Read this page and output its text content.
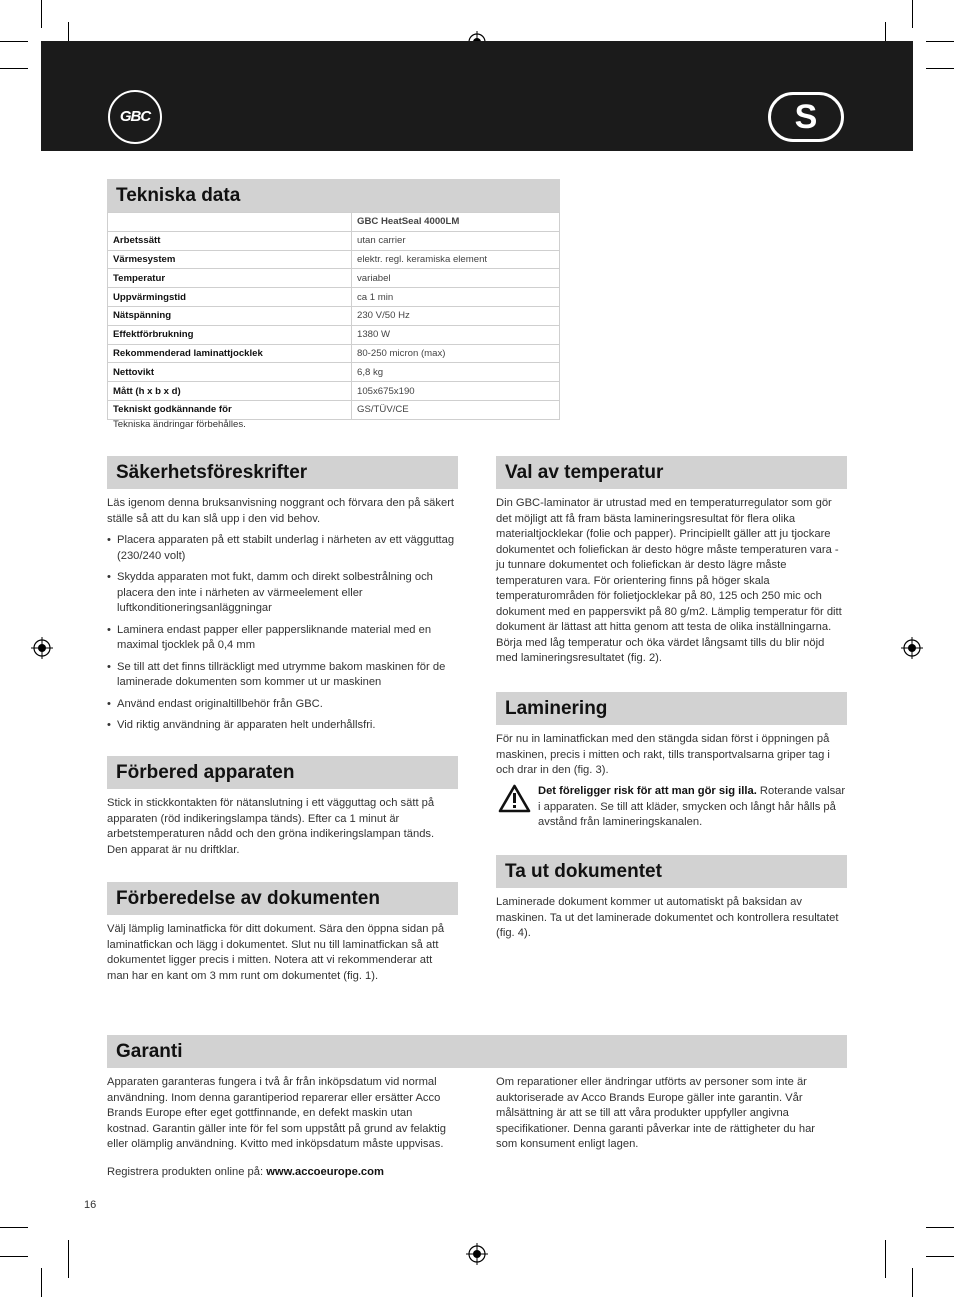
GBC	S
Tekniska data
	GBC HeatSeal 4000LM
Arbetssätt	utan carrier
Värmesystem	elektr. regl. keramiska element
Temperatur	variabel
Uppvärmingstid	ca 1 min
Nätspänning	230 V/50 Hz
Effektförbrukning	1380 W
Rekommenderad laminattjocklek	80-250 micron (max)
Nettovikt	6,8 kg
Mått (h x b x d)	105x675x190
Tekniskt godkännande för	GS/TÜV/CE
Tekniska ändringar förbehålles.
Säkerhetsföreskrifter

Läs igenom denna bruksanvisning noggrant och förvara den på säkert ställe så att du kan slå upp i den vid behov.

• Placera apparaten på ett stabilt underlag i närheten av ett vägguttag (230/240 volt)
• Skydda apparaten mot fukt, damm och direkt solbestrålning och placera den inte i närheten av värmeelement eller luftkonditioneringsanläggningar
• Laminera endast papper eller pappersliknande material med en maximal tjocklek på 0,4 mm
• Se till att det finns tillräckligt med utrymme bakom maskinen för de laminerade dokumenten som kommer ut ur maskinen
• Använd endast originaltillbehör från GBC.
• Vid riktig användning är apparaten helt underhållsfri.
Förbered apparaten
Stick in stickkontakten för nätanslutning i ett vägguttag och sätt på apparaten (röd indikeringslampa tänds). Efter ca 1 minut är arbetstemperaturen nådd och den gröna indikeringslampan tänds. Den apparat är nu driftklar.
Förberedelse av dokumenten
Välj lämplig laminatficka för ditt dokument. Sära den öppna sidan på laminatfickan och lägg i dokumentet. Slut nu till laminatfickan så att dokumentet ligger precis i mitten. Notera att vi rekommenderar att man har en kant om 3 mm runt om dokumentet (fig. 1).
Val av temperatur
Din GBC-laminator är utrustad med en temperaturregulator som gör det möjligt att få fram bästa lamineringsresultat för flera olika materialtjocklekar (folie och papper). Principiellt gäller att ju tjockare dokumentet och foliefickan är desto högre måste temperaturen vara - ju tunnare dokumentet och foliefickan är desto lägre måste temperaturen vara. För orientering finns på höger skala temperaturområden för folietjocklekar på 80, 125 och 250 mic och dokument med en pappersvikt på 80 g/m2. Lämplig temperatur för ditt dokument är lättast att hitta genom att testa de olika inställningarna. Börja med låg temperatur och öka värdet långsamt tills du blir nöjd med lamineringsresultatet (fig. 2).
Laminering
För nu in laminatfickan med den stängda sidan först i öppningen på maskinen, precis i mitten och rakt, tills transportvalsarna griper tag i och drar in den (fig. 3).
Det föreligger risk för att man gör sig illa. Roterande valsar i apparaten. Se till att kläder, smycken och långt hår hålls på avstånd från lamineringskanalen.
Ta ut dokumentet
Laminerade dokument kommer ut automatiskt på baksidan av maskinen. Ta ut det laminerade dokumentet och kontrollera resultatet (fig. 4).
Garanti
Apparaten garanteras fungera i två år från inköpsdatum vid normal användning. Inom denna garantiperiod reparerar eller ersätter Acco Brands Europe efter eget gottfinnande, en defekt maskin utan kostnad. Garantin gäller inte för fel som uppstått på grund av felaktig eller olämplig användning. Kvitto med inköpsdatum måste uppvisas.
Registrera produkten online på: www.accoeurope.com
Om reparationer eller ändringar utförts av personer som inte är auktoriserade av Acco Brands Europe gäller inte garantin. Vår målsättning är att se till att våra produkter uppfyller angivna specifikationer. Denna garanti påverkar inte de rättigheter du har som konsument enligt lagen.
16
